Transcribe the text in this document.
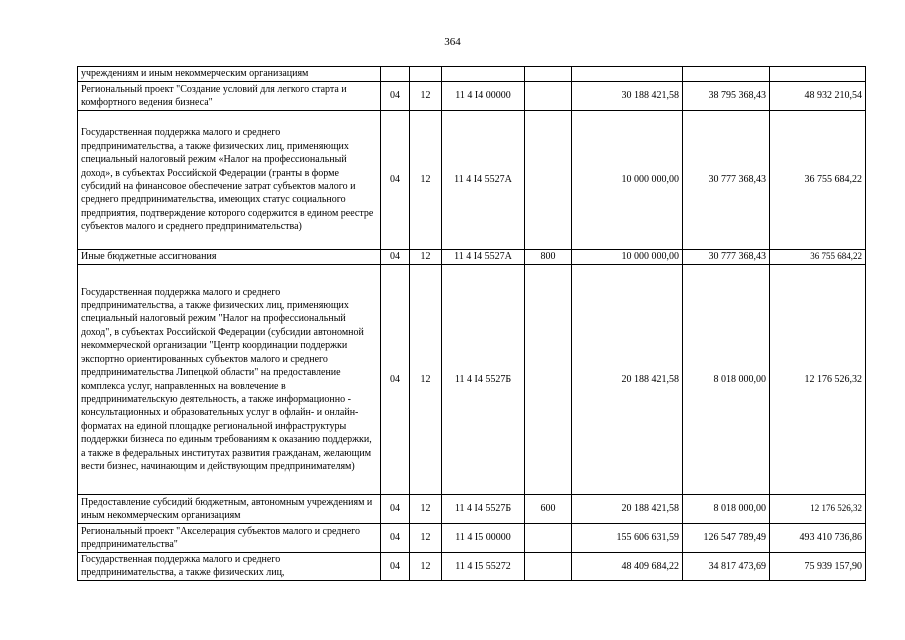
364
учреждениям и иным некоммерческим организациям							
Региональный проект "Создание условий для легкого старта и комфортного ведения бизнеса"	04	12	11 4 I4 00000		30 188 421,58	38 795 368,43	48 932 210,54
Государственная поддержка малого и среднего предпринимательства, а также физических лиц, применяющих специальный налоговый режим «Налог на профессиональный доход», в субъектах Российской Федерации (гранты в форме субсидий на финансовое обеспечение затрат субъектов малого и среднего предпринимательства, имеющих статус социального предприятия, подтверждение которого содержится в едином реестре субъектов малого и среднего предпринимательства)	04	12	11 4 I4 5527А		10 000 000,00	30 777 368,43	36 755 684,22
Иные бюджетные ассигнования	04	12	11 4 I4 5527А	800	10 000 000,00	30 777 368,43	36 755 684,22
Государственная поддержка малого и среднего предпринимательства, а также физических лиц, применяющих специальный налоговый режим "Налог на профессиональный доход", в субъектах Российской Федерации (субсидии автономной некоммерческой организации "Центр координации поддержки экспортно ориентированных субъектов малого и среднего предпринимательства Липецкой области" на предоставление комплекса услуг, направленных на вовлечение в предпринимательскую деятельность, а также информационно - консультационных и образовательных услуг в офлайн- и онлайн-форматах на единой площадке региональной инфраструктуры поддержки бизнеса по единым требованиям к оказанию поддержки, а также в федеральных институтах развития гражданам, желающим вести бизнес, начинающим и действующим предпринимателям)	04	12	11 4 I4 5527Б		20 188 421,58	8 018 000,00	12 176 526,32
Предоставление субсидий бюджетным, автономным учреждениям и иным некоммерческим организациям	04	12	11 4 I4 5527Б	600	20 188 421,58	8 018 000,00	12 176 526,32
Региональный проект "Акселерация субъектов малого и среднего предпринимательства"	04	12	11 4 I5 00000		155 606 631,59	126 547 789,49	493 410 736,86
Государственная поддержка малого и среднего предпринимательства, а также физических лиц,	04	12	11 4 I5 55272		48 409 684,22	34 817 473,69	75 939 157,90
